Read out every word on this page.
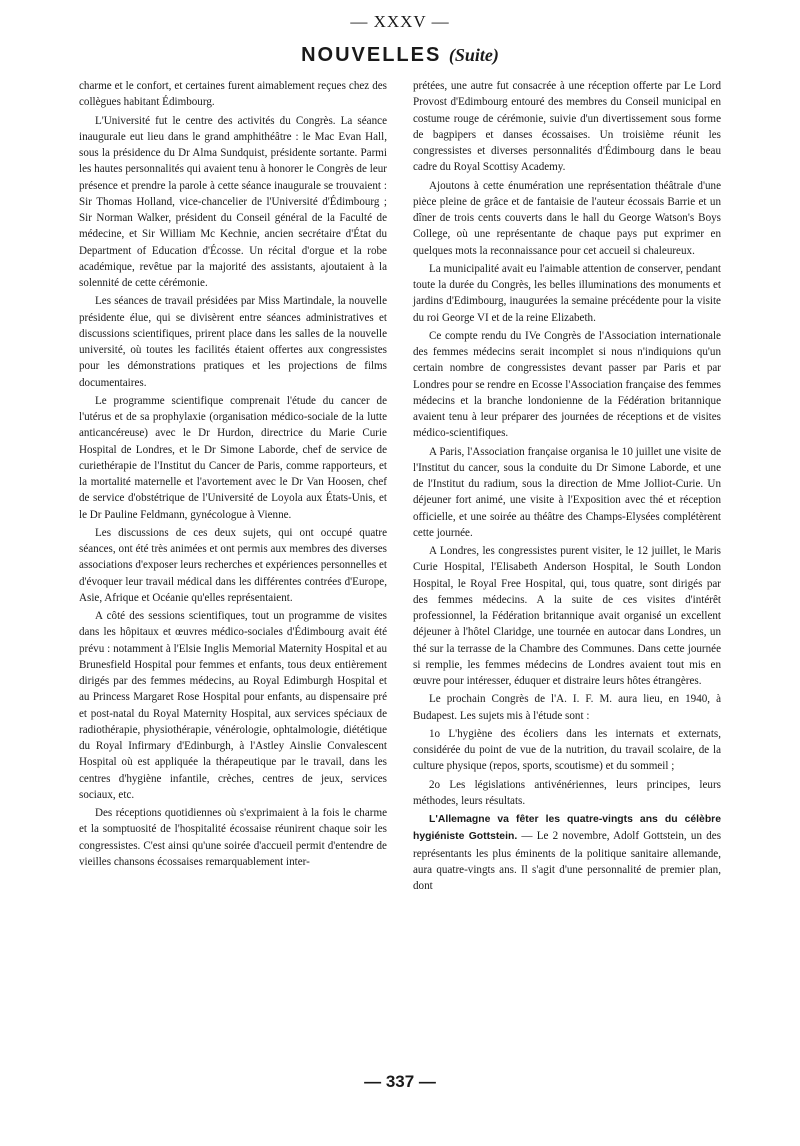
— XXXV —
NOUVELLES (Suite)

charme et le confort, et certaines furent aimablement reçues chez des collègues habitant Édimbourg.

L'Université fut le centre des activités du Congrès. La séance inaugurale eut lieu dans le grand amphithéâtre : le Mac Evan Hall, sous la présidence du Dr Alma Sundquist, présidente sortante. Parmi les hautes personnalités qui avaient tenu à honorer le Congrès de leur présence et prendre la parole à cette séance inaugurale se trouvaient : Sir Thomas Holland, vice-chancelier de l'Université d'Édimbourg ; Sir Norman Walker, président du Conseil général de la Faculté de médecine, et Sir William Mc Kechnie, ancien secrétaire d'État du Department of Education d'Écosse. Un récital d'orgue et la robe académique, revêtue par la majorité des assistants, ajoutaient à la solennité de cette cérémonie.

Les séances de travail présidées par Miss Martindale, la nouvelle présidente élue, qui se divisèrent entre séances administratives et discussions scientifiques, prirent place dans les salles de la nouvelle université, où toutes les facilités étaient offertes aux congressistes pour les démonstrations pratiques et les projections de films documentaires.

Le programme scientifique comprenait l'étude du cancer de l'utérus et de sa prophylaxie (organisation médico-sociale de la lutte anticancéreuse) avec le Dr Hurdon, directrice du Marie Curie Hospital de Londres, et le Dr Simone Laborde, chef de service de curiethérapie de l'Institut du Cancer de Paris, comme rapporteurs, et la mortalité maternelle et l'avortement avec le Dr Van Hoosen, chef de service d'obstétrique de l'Université de Loyola aux États-Unis, et le Dr Pauline Feldmann, gynécologue à Vienne.

Les discussions de ces deux sujets, qui ont occupé quatre séances, ont été très animées et ont permis aux membres des diverses associations d'exposer leurs recherches et expériences personnelles et d'évoquer leur travail médical dans les différentes contrées d'Europe, Asie, Afrique et Océanie qu'elles représentaient.

A côté des sessions scientifiques, tout un programme de visites dans les hôpitaux et œuvres médico-sociales d'Édimbourg avait été prévu : notamment à l'Elsie Inglis Memorial Maternity Hospital et au Brunesfield Hospital pour femmes et enfants, tous deux entièrement dirigés par des femmes médecins, au Royal Edimburgh Hospital et au Princess Margaret Rose Hospital pour enfants, au dispensaire pré et post-natal du Royal Maternity Hospital, aux services spéciaux de radiothérapie, physiothérapie, vénérologie, ophtalmologie, diététique du Royal Infirmary d'Edinburgh, à l'Astley Ainslie Convalescent Hospital où est appliquée la thérapeutique par le travail, dans les centres d'hygiène infantile, crèches, centres de jeux, services sociaux, etc.

Des réceptions quotidiennes où s'exprimaient à la fois le charme et la somptuosité de l'hospitalité écossaise réunirent chaque soir les congressistes. C'est ainsi qu'une soirée d'accueil permit d'entendre de vieilles chansons écossaises remarquablement inter-

prétées, une autre fut consacrée à une réception offerte par Le Lord Provost d'Edimbourg entouré des membres du Conseil municipal en costume rouge de cérémonie, suivie d'un divertissement sous forme de bagpipers et danses écossaises. Un troisième réunit les congressistes et diverses personnalités d'Édimbourg dans le beau cadre du Royal Scottisy Academy.

Ajoutons à cette énumération une représentation théâtrale d'une pièce pleine de grâce et de fantaisie de l'auteur écossais Barrie et un dîner de trois cents couverts dans le hall du George Watson's Boys College, où une représentante de chaque pays put exprimer en quelques mots la reconnaissance pour cet accueil si chaleureux.

La municipalité avait eu l'aimable attention de conserver, pendant toute la durée du Congrès, les belles illuminations des monuments et jardins d'Edimbourg, inaugurées la semaine précédente pour la visite du roi George VI et de la reine Elizabeth.

Ce compte rendu du IVe Congrès de l'Association internationale des femmes médecins serait incomplet si nous n'indiquions qu'un certain nombre de congressistes devant passer par Paris et par Londres pour se rendre en Ecosse l'Association française des femmes médecins et la branche londonienne de la Fédération britannique avaient tenu à leur préparer des journées de réceptions et de visites médico-scientifiques.

A Paris, l'Association française organisa le 10 juillet une visite de l'Institut du cancer, sous la conduite du Dr Simone Laborde, et une de l'Institut du radium, sous la direction de Mme Jolliot-Curie. Un déjeuner fort animé, une visite à l'Exposition avec thé et réception officielle, et une soirée au théâtre des Champs-Elysées complétèrent cette journée.

A Londres, les congressistes purent visiter, le 12 juillet, le Maris Curie Hospital, l'Elisabeth Anderson Hospital, le South London Hospital, le Royal Free Hospital, qui, tous quatre, sont dirigés par des femmes médecins. A la suite de ces visites d'intérêt professionnel, la Fédération britannique avait organisé un excellent déjeuner à l'hôtel Claridge, une tournée en autocar dans Londres, un thé sur la terrasse de la Chambre des Communes. Dans cette journée si remplie, les femmes médecins de Londres avaient tout mis en œuvre pour intéresser, éduquer et distraire leurs hôtes étrangères.

Le prochain Congrès de l'A. I. F. M. aura lieu, en 1940, à Budapest. Les sujets mis à l'étude sont :

1o L'hygiène des écoliers dans les internats et externats, considérée du point de vue de la nutrition, du travail scolaire, de la culture physique (repos, sports, scoutisme) et du sommeil ;

2o Les législations antivénériennes, leurs principes, leurs méthodes, leurs résultats.

L'Allemagne va fêter les quatre-vingts ans du célèbre hygiéniste Gottstein. — Le 2 novembre, Adolf Gottstein, un des représentants les plus éminents de la politique sanitaire allemande, aura quatre-vingts ans. Il s'agit d'une personnalité de premier plan, dont

— 337 —
